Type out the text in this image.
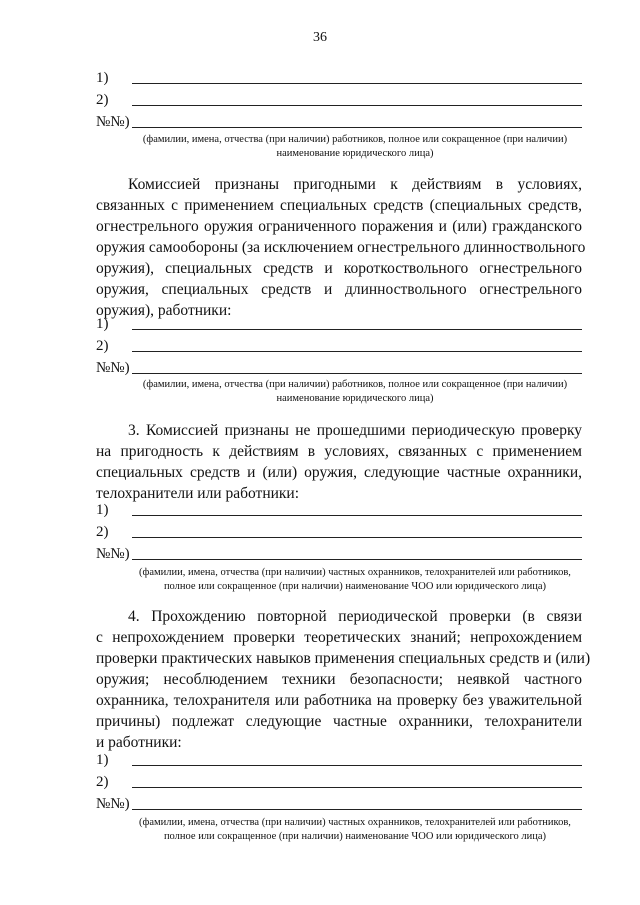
36
1)
2)
№№)
(фамилии, имена, отчества (при наличии) работников, полное или сокращенное (при наличии)
наименование юридического лица)
Комиссией признаны пригодными к действиям в условиях,
связанных с применением специальных средств (специальных средств,
огнестрельного оружия ограниченного поражения и (или) гражданского
оружия самообороны (за исключением огнестрельного длинноствольного
оружия), специальных средств и короткоствольного огнестрельного
оружия, специальных средств и длинноствольного огнестрельного
оружия), работники:
1)
2)
№№)
(фамилии, имена, отчества (при наличии) работников, полное или сокращенное (при наличии)
наименование юридического лица)
3. Комиссией признаны не прошедшими периодическую проверку
на пригодность к действиям в условиях, связанных с применением
специальных средств и (или) оружия, следующие частные охранники,
телохранители или работники:
1)
2)
№№)
(фамилии, имена, отчества (при наличии) частных охранников, телохранителей или работников,
полное или сокращенное (при наличии) наименование ЧОО или юридического лица)
4. Прохождению повторной периодической проверки (в связи
с непрохождением проверки теоретических знаний; непрохождением
проверки практических навыков применения специальных средств и (или)
оружия; несоблюдением техники безопасности; неявкой частного
охранника, телохранителя или работника на проверку без уважительной
причины) подлежат следующие частные охранники, телохранители
и работники:
1)
2)
№№)
(фамилии, имена, отчества (при наличии) частных охранников, телохранителей или работников,
полное или сокращенное (при наличии) наименование ЧОО или юридического лица)
